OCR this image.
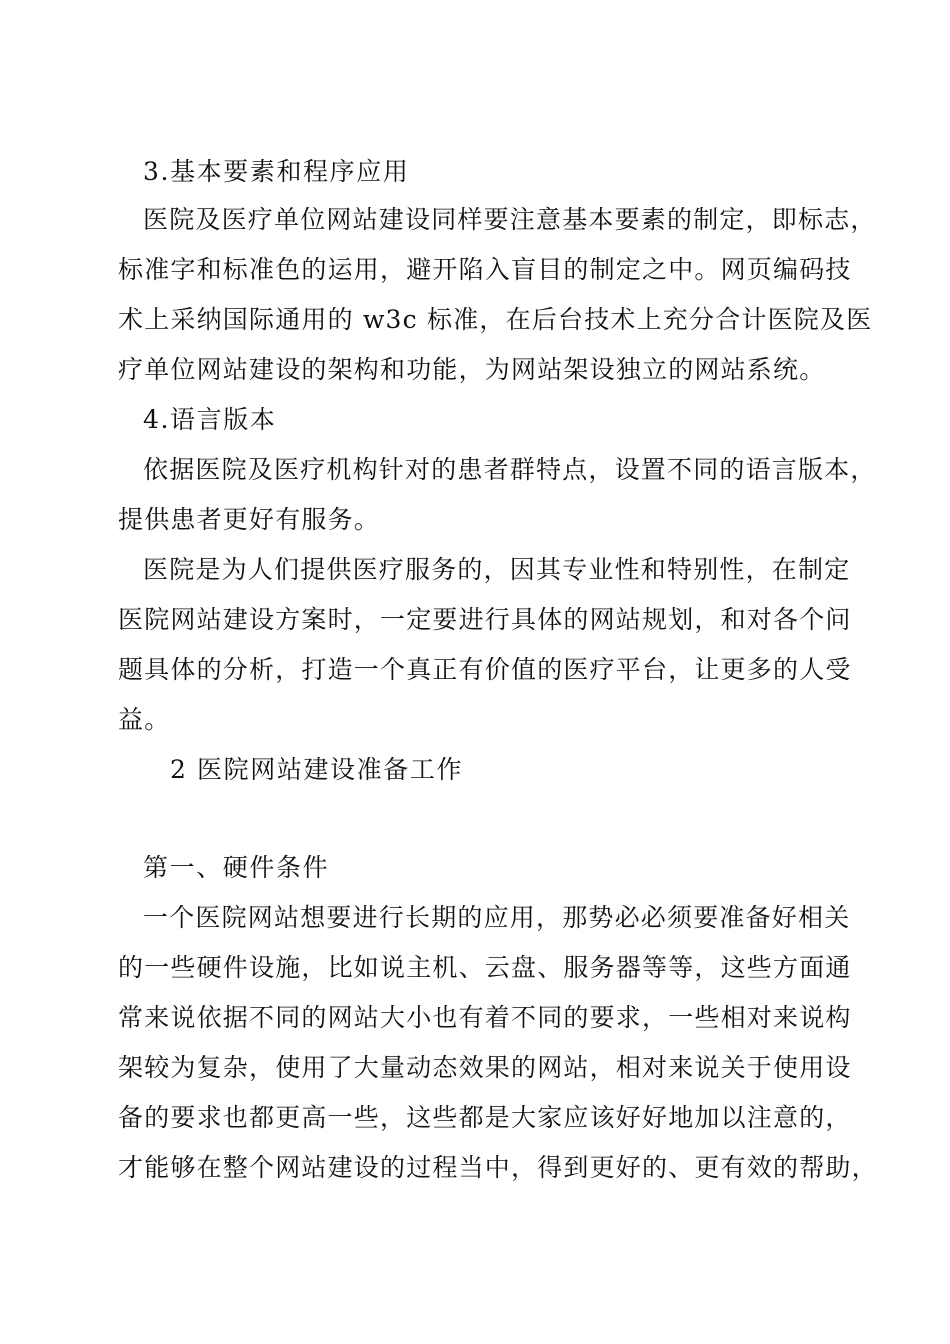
3.基本要素和程序应用
医院及医疗单位网站建设同样要注意基本要素的制定，即标志，
标准字和标准色的运用，避开陷入盲目的制定之中。网页编码技
术上采纳国际通用的 w3c 标准，在后台技术上充分合计医院及医
疗单位网站建设的架构和功能，为网站架设独立的网站系统。
4.语言版本
依据医院及医疗机构针对的患者群特点，设置不同的语言版本，
提供患者更好有服务。
医院是为人们提供医疗服务的，因其专业性和特别性，在制定
医院网站建设方案时，一定要进行具体的网站规划，和对各个问
题具体的分析，打造一个真正有价值的医疗平台，让更多的人受
益。
2 医院网站建设准备工作
第一、硬件条件
一个医院网站想要进行长期的应用，那势必必须要准备好相关
的一些硬件设施，比如说主机、云盘、服务器等等，这些方面通
常来说依据不同的网站大小也有着不同的要求，一些相对来说构
架较为复杂，使用了大量动态效果的网站，相对来说关于使用设
备的要求也都更高一些，这些都是大家应该好好地加以注意的，
才能够在整个网站建设的过程当中，得到更好的、更有效的帮助，
